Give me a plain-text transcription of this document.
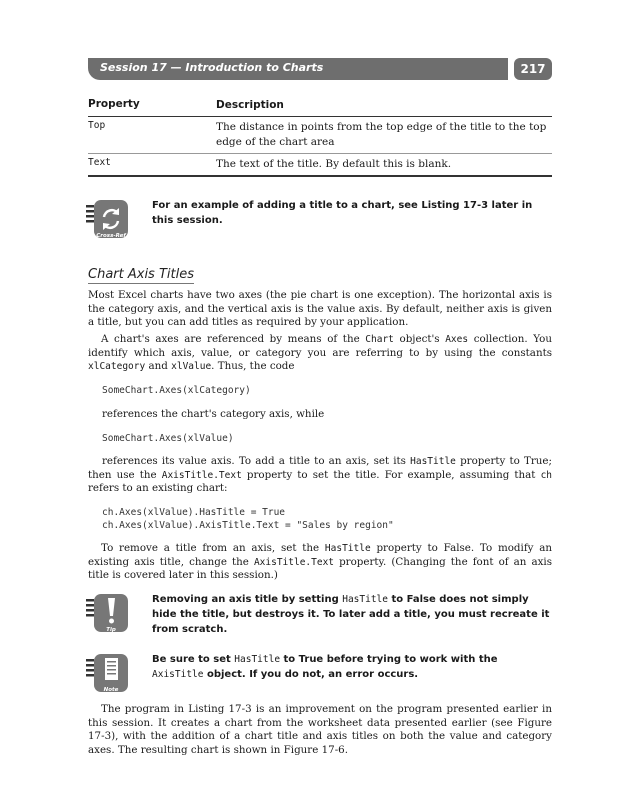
Session 17 — Introduction to Charts	217
Property	Description
Top	The distance in points from the top edge of the title to the top edge of the chart area
Text	The text of the title. By default this is blank.
Cross-Ref
For an example of adding a title to a chart, see Listing 17-3 later in this session.
Chart Axis Titles
Most Excel charts have two axes (the pie chart is one exception). The horizontal axis is the category axis, and the vertical axis is the value axis. By default, neither axis is given a title, but you can add titles as required by your application.
A chart's axes are referenced by means of the Chart object's Axes collection. You identify which axis, value, or category you are referring to by using the constants xlCategory and xlValue. Thus, the code
SomeChart.Axes(xlCategory)
references the chart's category axis, while
SomeChart.Axes(xlValue)
references its value axis. To add a title to an axis, set its HasTitle property to True; then use the AxisTitle.Text property to set the title. For example, assuming that ch refers to an existing chart:
ch.Axes(xlValue).HasTitle = True
ch.Axes(xlValue).AxisTitle.Text = "Sales by region"
To remove a title from an axis, set the HasTitle property to False. To modify an existing axis title, change the AxisTitle.Text property. (Changing the font of an axis title is covered later in this session.)
Tip
Removing an axis title by setting HasTitle to False does not simply hide the title, but destroys it. To later add a title, you must recreate it from scratch.
Note
Be sure to set HasTitle to True before trying to work with the AxisTitle object. If you do not, an error occurs.
The program in Listing 17-3 is an improvement on the program presented earlier in this session. It creates a chart from the worksheet data presented earlier (see Figure 17-3), with the addition of a chart title and axis titles on both the value and category axes. The resulting chart is shown in Figure 17-6.
